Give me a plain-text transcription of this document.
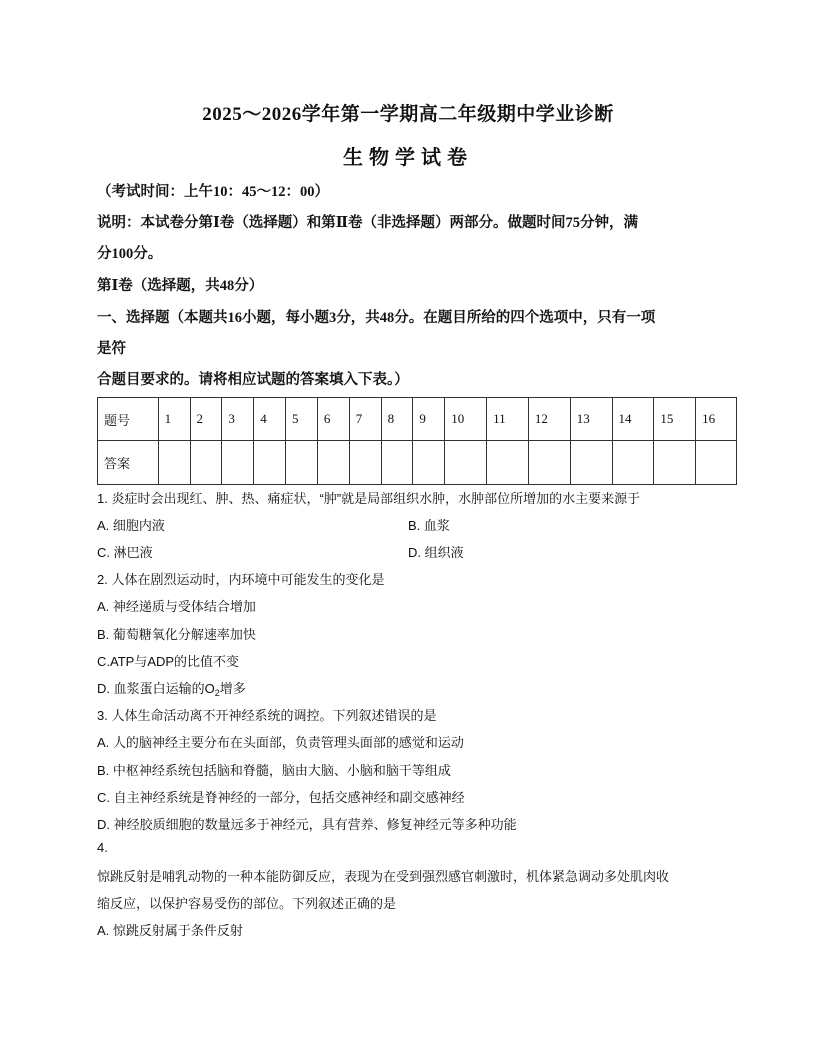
2025～2026学年第一学期高二年级期中学业诊断
生物学试卷
（考试时间：上午10：45～12：00）
说明：本试卷分第Ⅰ卷（选择题）和第Ⅱ卷（非选择题）两部分。做题时间75分钟，满
分100分。
第Ⅰ卷（选择题，共48分）
一、选择题（本题共16小题，每小题3分，共48分。在题目所给的四个选项中，只有一项
是符
合题目要求的。请将相应试题的答案填入下表。）
题号	1	2	3	4	5	6	7	8	9	10	11	12	13	14	15	16
答案																
1. 炎症时会出现红、肿、热、痛症状，“肿”就是局部组织水肿，水肿部位所增加的水主要来源于
A. 细胞内液	B. 血浆
C. 淋巴液	D. 组织液
2. 人体在剧烈运动时，内环境中可能发生的变化是
A. 神经递质与受体结合增加
B. 葡萄糖氧化分解速率加快
C.ATP与ADP的比值不变
D. 血浆蛋白运输的$O_2$增多
3. 人体生命活动离不开神经系统的调控。下列叙述错误的是
A. 人的脑神经主要分布在头面部，负责管理头面部的感觉和运动
B. 中枢神经系统包括脑和脊髓，脑由大脑、小脑和脑干等组成
C. 自主神经系统是脊神经的一部分，包括交感神经和副交感神经
D. 神经胶质细胞的数量远多于神经元，具有营养、修复神经元等多种功能
4.
惊跳反射是哺乳动物的一种本能防御反应，表现为在受到强烈感官刺激时，机体紧急调动多处肌肉收
缩反应，以保护容易受伤的部位。下列叙述正确的是
A. 惊跳反射属于条件反射
